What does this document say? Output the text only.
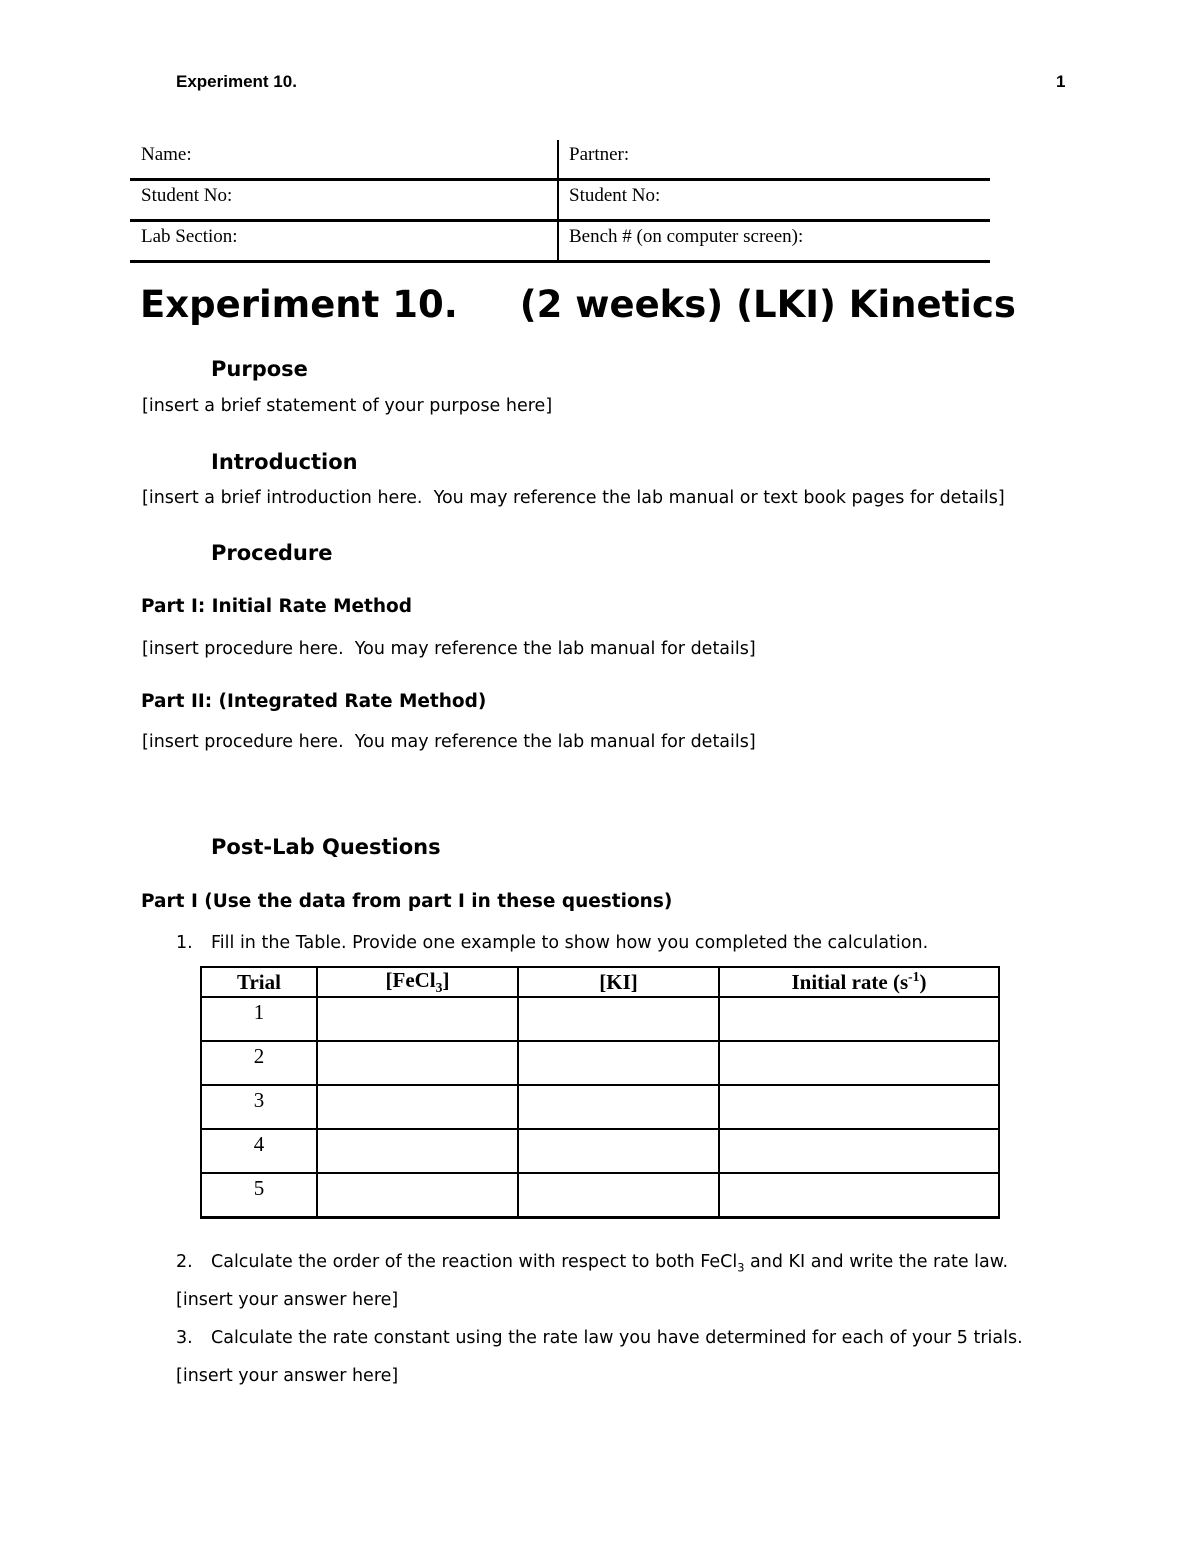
Experiment 10.	1
Name:	Partner:
Student No:	Student No:
Lab Section:	Bench # (on computer screen):
Experiment 10. (2 weeks) (LKI) Kinetics
Purpose
[insert a brief statement of your purpose here]
Introduction
[insert a brief introduction here.  You may reference the lab manual or text book pages for details]
Procedure
Part I: Initial Rate Method
[insert procedure here.  You may reference the lab manual for details]
Part II: (Integrated Rate Method)
[insert procedure here.  You may reference the lab manual for details]
Post-Lab Questions
Part I (Use the data from part I in these questions)
1. Fill in the Table. Provide one example to show how you completed the calculation.
Trial	[FeCl$_3$]	[KI]	Initial rate $(s^{-1})$
1			
2			
3			
4			
5			
2. Calculate the order of the reaction with respect to both FeCl$_3$ and KI and write the rate law.
[insert your answer here]
3. Calculate the rate constant using the rate law you have determined for each of your 5 trials.
[insert your answer here]
